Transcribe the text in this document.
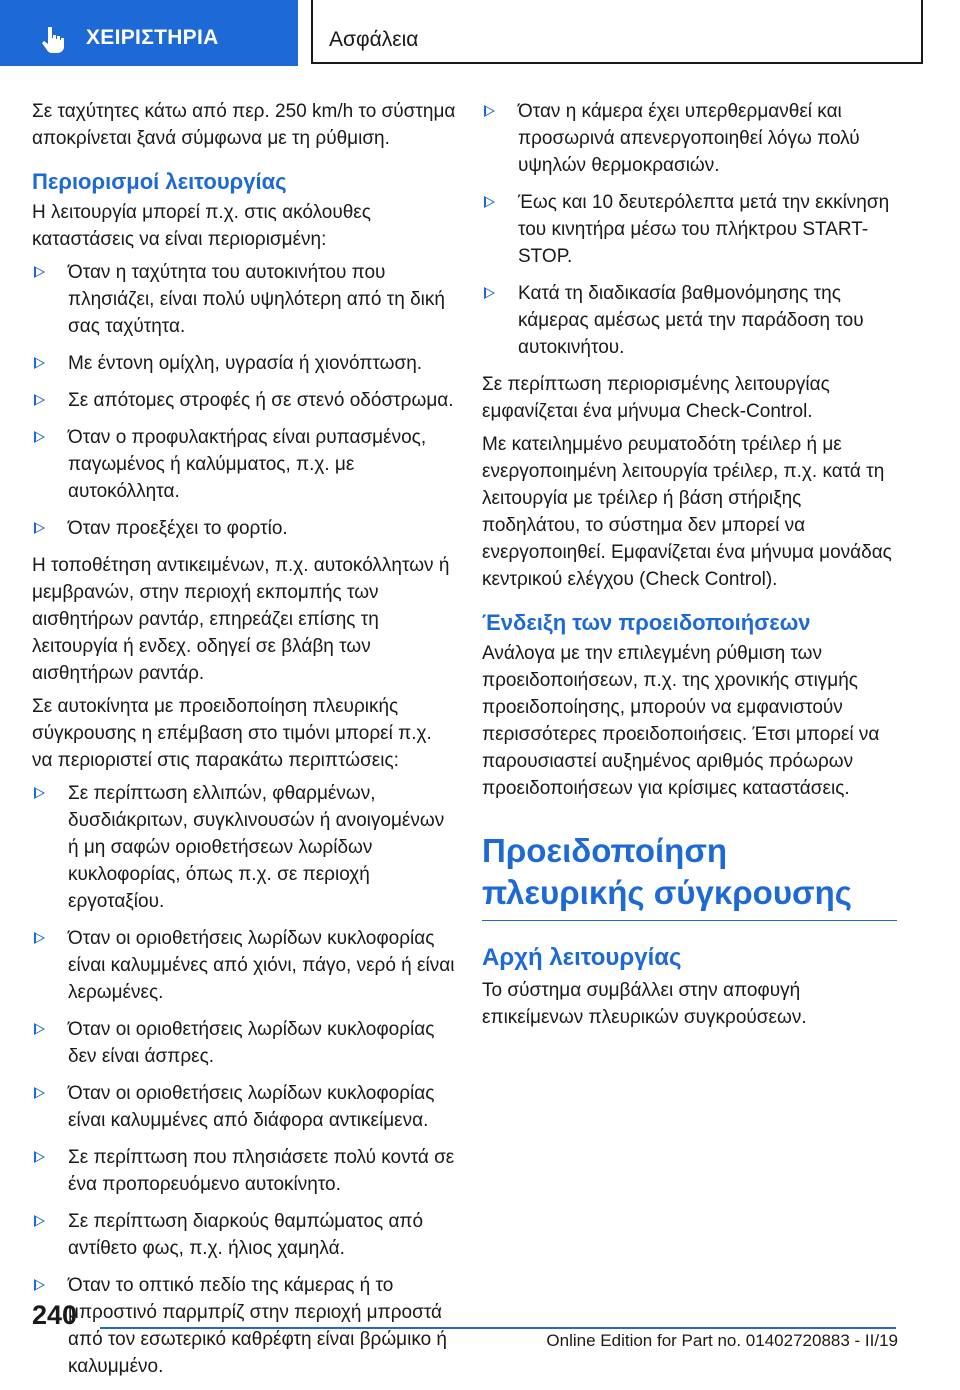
ΧΕΙΡΙΣΤΗΡΙΑ	Ασφάλεια

Σε ταχύτητες κάτω από περ. 250 km/h το σύστημα αποκρίνεται ξανά σύμφωνα με τη ρύθμιση.

Περιορισμοί λειτουργίας

Η λειτουργία μπορεί π.χ. στις ακόλουθες καταστάσεις να είναι περιορισμένη:

Όταν η ταχύτητα του αυτοκινήτου που πλησιάζει, είναι πολύ υψηλότερη από τη δική σας ταχύτητα.
Με έντονη ομίχλη, υγρασία ή χιονόπτωση.
Σε απότομες στροφές ή σε στενό οδόστρωμα.
Όταν ο προφυλακτήρας είναι ρυπασμένος, παγωμένος ή καλύμματος, π.χ. με αυτοκόλλητα.
Όταν προεξέχει το φορτίο.

Η τοποθέτηση αντικειμένων, π.χ. αυτοκόλλητων ή μεμβρανών, στην περιοχή εκπομπής των αισθητήρων ραντάρ, επηρεάζει επίσης τη λειτουργία ή ενδεχ. οδηγεί σε βλάβη των αισθητήρων ραντάρ.

Σε αυτοκίνητα με προειδοποίηση πλευρικής σύγκρουσης η επέμβαση στο τιμόνι μπορεί π.χ. να περιοριστεί στις παρακάτω περιπτώσεις:

Σε περίπτωση ελλιπών, φθαρμένων, δυσδιάκριτων, συγκλινουσών ή ανοιγομένων ή μη σαφών οριοθετήσεων λωρίδων κυκλοφορίας, όπως π.χ. σε περιοχή εργοταξίου.
Όταν οι οριοθετήσεις λωρίδων κυκλοφορίας είναι καλυμμένες από χιόνι, πάγο, νερό ή είναι λερωμένες.
Όταν οι οριοθετήσεις λωρίδων κυκλοφορίας δεν είναι άσπρες.
Όταν οι οριοθετήσεις λωρίδων κυκλοφορίας είναι καλυμμένες από διάφορα αντικείμενα.
Σε περίπτωση που πλησιάσετε πολύ κοντά σε ένα προπορευόμενο αυτοκίνητο.
Σε περίπτωση διαρκούς θαμπώματος από αντίθετο φως, π.χ. ήλιος χαμηλά.
Όταν το οπτικό πεδίο της κάμερας ή το μπροστινό παρμπρίζ στην περιοχή μπροστά από τον εσωτερικό καθρέφτη είναι βρώμικο ή καλυμμένο.
Όταν η κάμερα έχει υπερθερμανθεί και προσωρινά απενεργοποιηθεί λόγω πολύ υψηλών θερμοκρασιών.
Έως και 10 δευτερόλεπτα μετά την εκκίνηση του κινητήρα μέσω του πλήκτρου START-STOP.
Κατά τη διαδικασία βαθμονόμησης της κάμερας αμέσως μετά την παράδοση του αυτοκινήτου.

Σε περίπτωση περιορισμένης λειτουργίας εμφανίζεται ένα μήνυμα Check-Control.

Με κατειλημμένο ρευματοδότη τρέιλερ ή με ενεργοποιημένη λειτουργία τρέιλερ, π.χ. κατά τη λειτουργία με τρέιλερ ή βάση στήριξης ποδηλάτου, το σύστημα δεν μπορεί να ενεργοποιηθεί. Εμφανίζεται ένα μήνυμα μονάδας κεντρικού ελέγχου (Check Control).

Ένδειξη των προειδοποιήσεων

Ανάλογα με την επιλεγμένη ρύθμιση των προειδοποιήσεων, π.χ. της χρονικής στιγμής προειδοποίησης, μπορούν να εμφανιστούν περισσότερες προειδοποιήσεις. Έτσι μπορεί να παρουσιαστεί αυξημένος αριθμός πρόωρων προειδοποιήσεων για κρίσιμες καταστάσεις.

Προειδοποίηση πλευρικής σύγκρουσης
Αρχή λειτουργίας

Το σύστημα συμβάλλει στην αποφυγή επικείμενων πλευρικών συγκρούσεων.

240
Online Edition for Part no. 01402720883 - II/19
